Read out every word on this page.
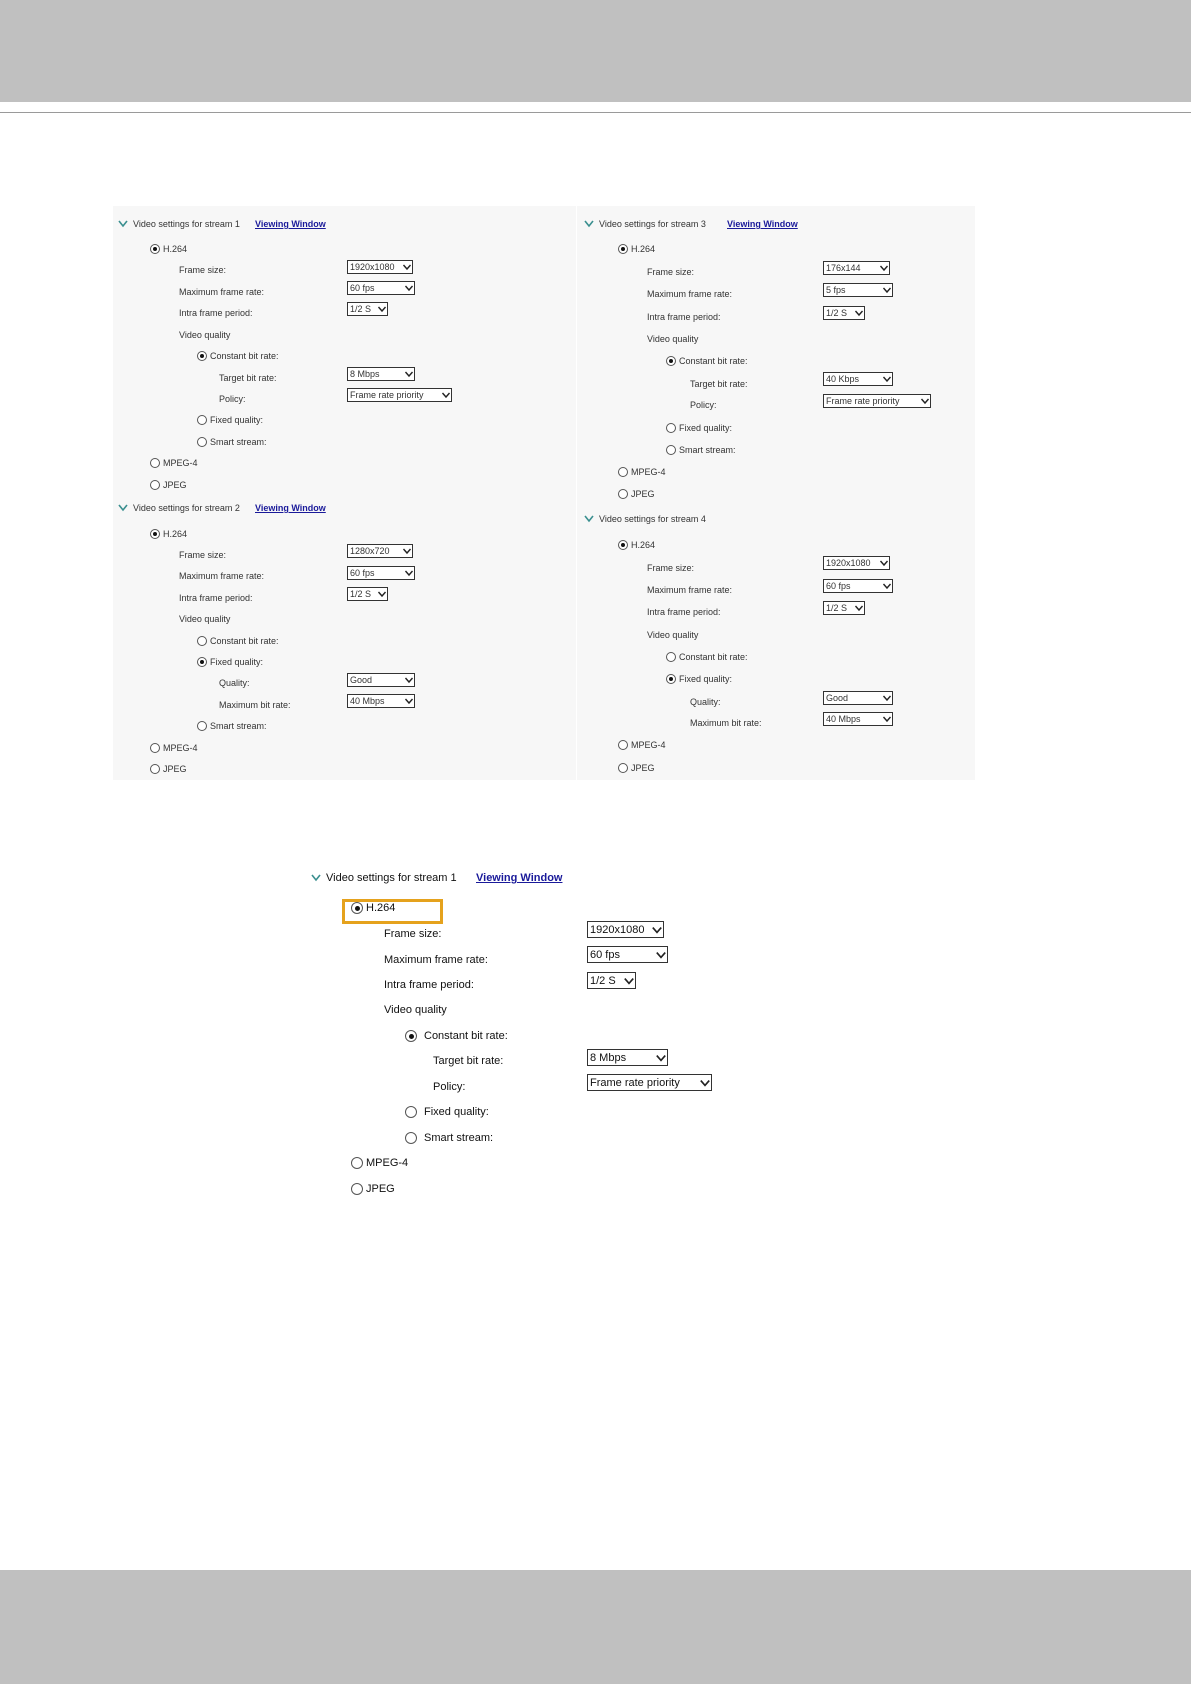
Video settings for stream 1 Viewing Window
H.264
Frame size:	1920x1080
Maximum frame rate:	60 fps
Intra frame period:	1/2 S
Video quality
Constant bit rate:
Target bit rate:	8 Mbps
Policy:	Frame rate priority
Fixed quality:
Smart stream:
MPEG-4
JPEG
Video settings for stream 2 Viewing Window
H.264
Frame size:	1280x720
Maximum frame rate:	60 fps
Intra frame period:	1/2 S
Video quality
Constant bit rate:
Fixed quality:
Quality:	Good
Maximum bit rate:	40 Mbps
Smart stream:
MPEG-4
JPEG
Video settings for stream 3 Viewing Window
H.264
Frame size:	176x144
Maximum frame rate:	5 fps
Intra frame period:	1/2 S
Video quality
Constant bit rate:
Target bit rate:	40 Kbps
Policy:	Frame rate priority
Fixed quality:
Smart stream:
MPEG-4
JPEG
Video settings for stream 4
H.264
Frame size:	1920x1080
Maximum frame rate:	60 fps
Intra frame period:	1/2 S
Video quality
Constant bit rate:
Fixed quality:
Quality:	Good
Maximum bit rate:	40 Mbps
MPEG-4
JPEG
Video settings for stream 1 Viewing Window
H.264
Frame size:	1920x1080
Maximum frame rate:	60 fps
Intra frame period:	1/2 S
Video quality
Constant bit rate:
Target bit rate:	8 Mbps
Policy:	Frame rate priority
Fixed quality:
Smart stream:
MPEG-4
JPEG
